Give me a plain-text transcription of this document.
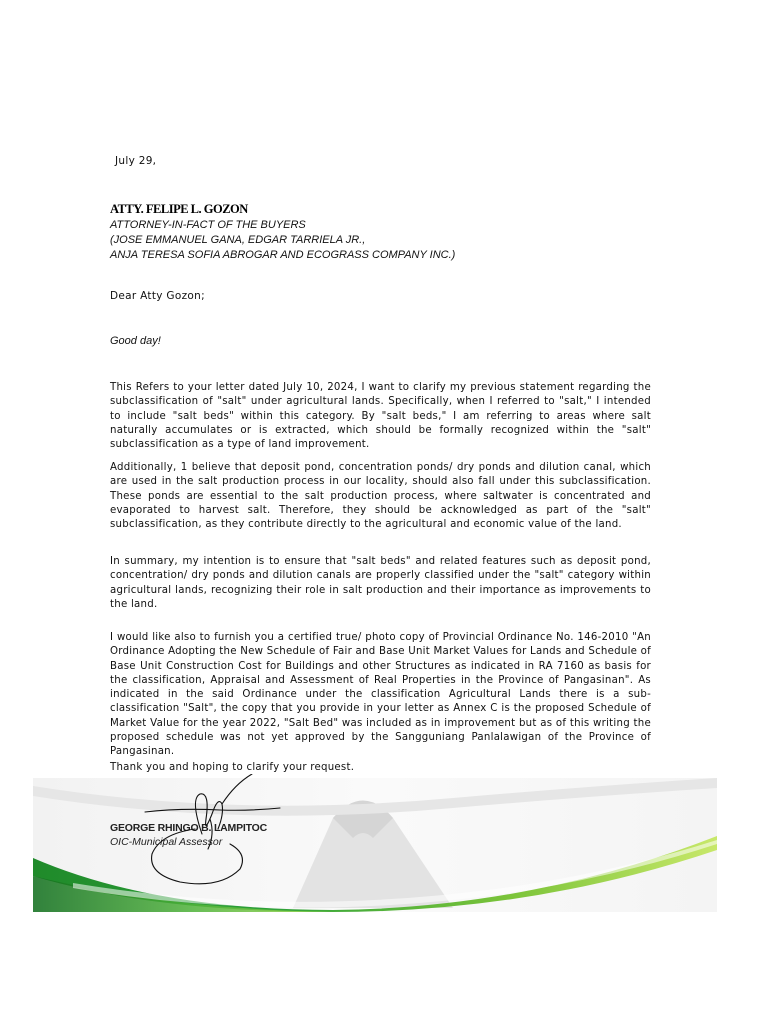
July 29,

ATTY. FELIPE L. GOZON

ATTORNEY-IN-FACT OF THE BUYERS

(JOSE EMMANUEL GANA, EDGAR TARRIELA JR.,

ANJA TERESA SOFIA ABROGAR AND ECOGRASS COMPANY INC.)

Dear Atty Gozon;
Good day!

This Refers to your letter dated July 10, 2024, I want to clarify my previous statement regarding the subclassification of "salt" under agricultural lands. Specifically, when I referred to "salt," I intended to include "salt beds" within this category. By "salt beds," I am referring to areas where salt naturally accumulates or is extracted, which should be formally recognized within the "salt" subclassification as a type of land improvement.

Additionally, 1 believe that deposit pond, concentration ponds/ dry ponds and dilution canal, which are used in the salt production process in our locality, should also fall under this subclassification. These ponds are essential to the salt production process, where saltwater is concentrated and evaporated to harvest salt. Therefore, they should be acknowledged as part of the "salt" subclassification, as they contribute directly to the agricultural and economic value of the land.

In summary, my intention is to ensure that "salt beds" and related features such as deposit pond, concentration/ dry ponds and dilution canals are properly classified under the "salt" category within agricultural lands, recognizing their role in salt production and their importance as improvements to the land.

I would like also to furnish you a certified true/ photo copy of Provincial Ordinance No. 146-2010 "An Ordinance Adopting the New Schedule of Fair and Base Unit Market Values for Lands and Schedule of Base Unit Construction Cost for Buildings and other Structures as indicated in RA 7160 as basis for the classification, Appraisal and Assessment of Real Properties in the Province of Pangasinan". As indicated in the said Ordinance under the classification Agricultural Lands there is a sub-classification "Salt", the copy that you provide in your letter as Annex C is the proposed Schedule of Market Value for the year 2022, "Salt Bed" was included as in improvement but as of this writing the proposed schedule was not yet approved by the Sangguniang Panlalawigan of the Province of Pangasinan.

Thank you and hoping to clarify your request.

GEORGE RHINGO B. LAMPITOC

OIC-Municipal Assessor
